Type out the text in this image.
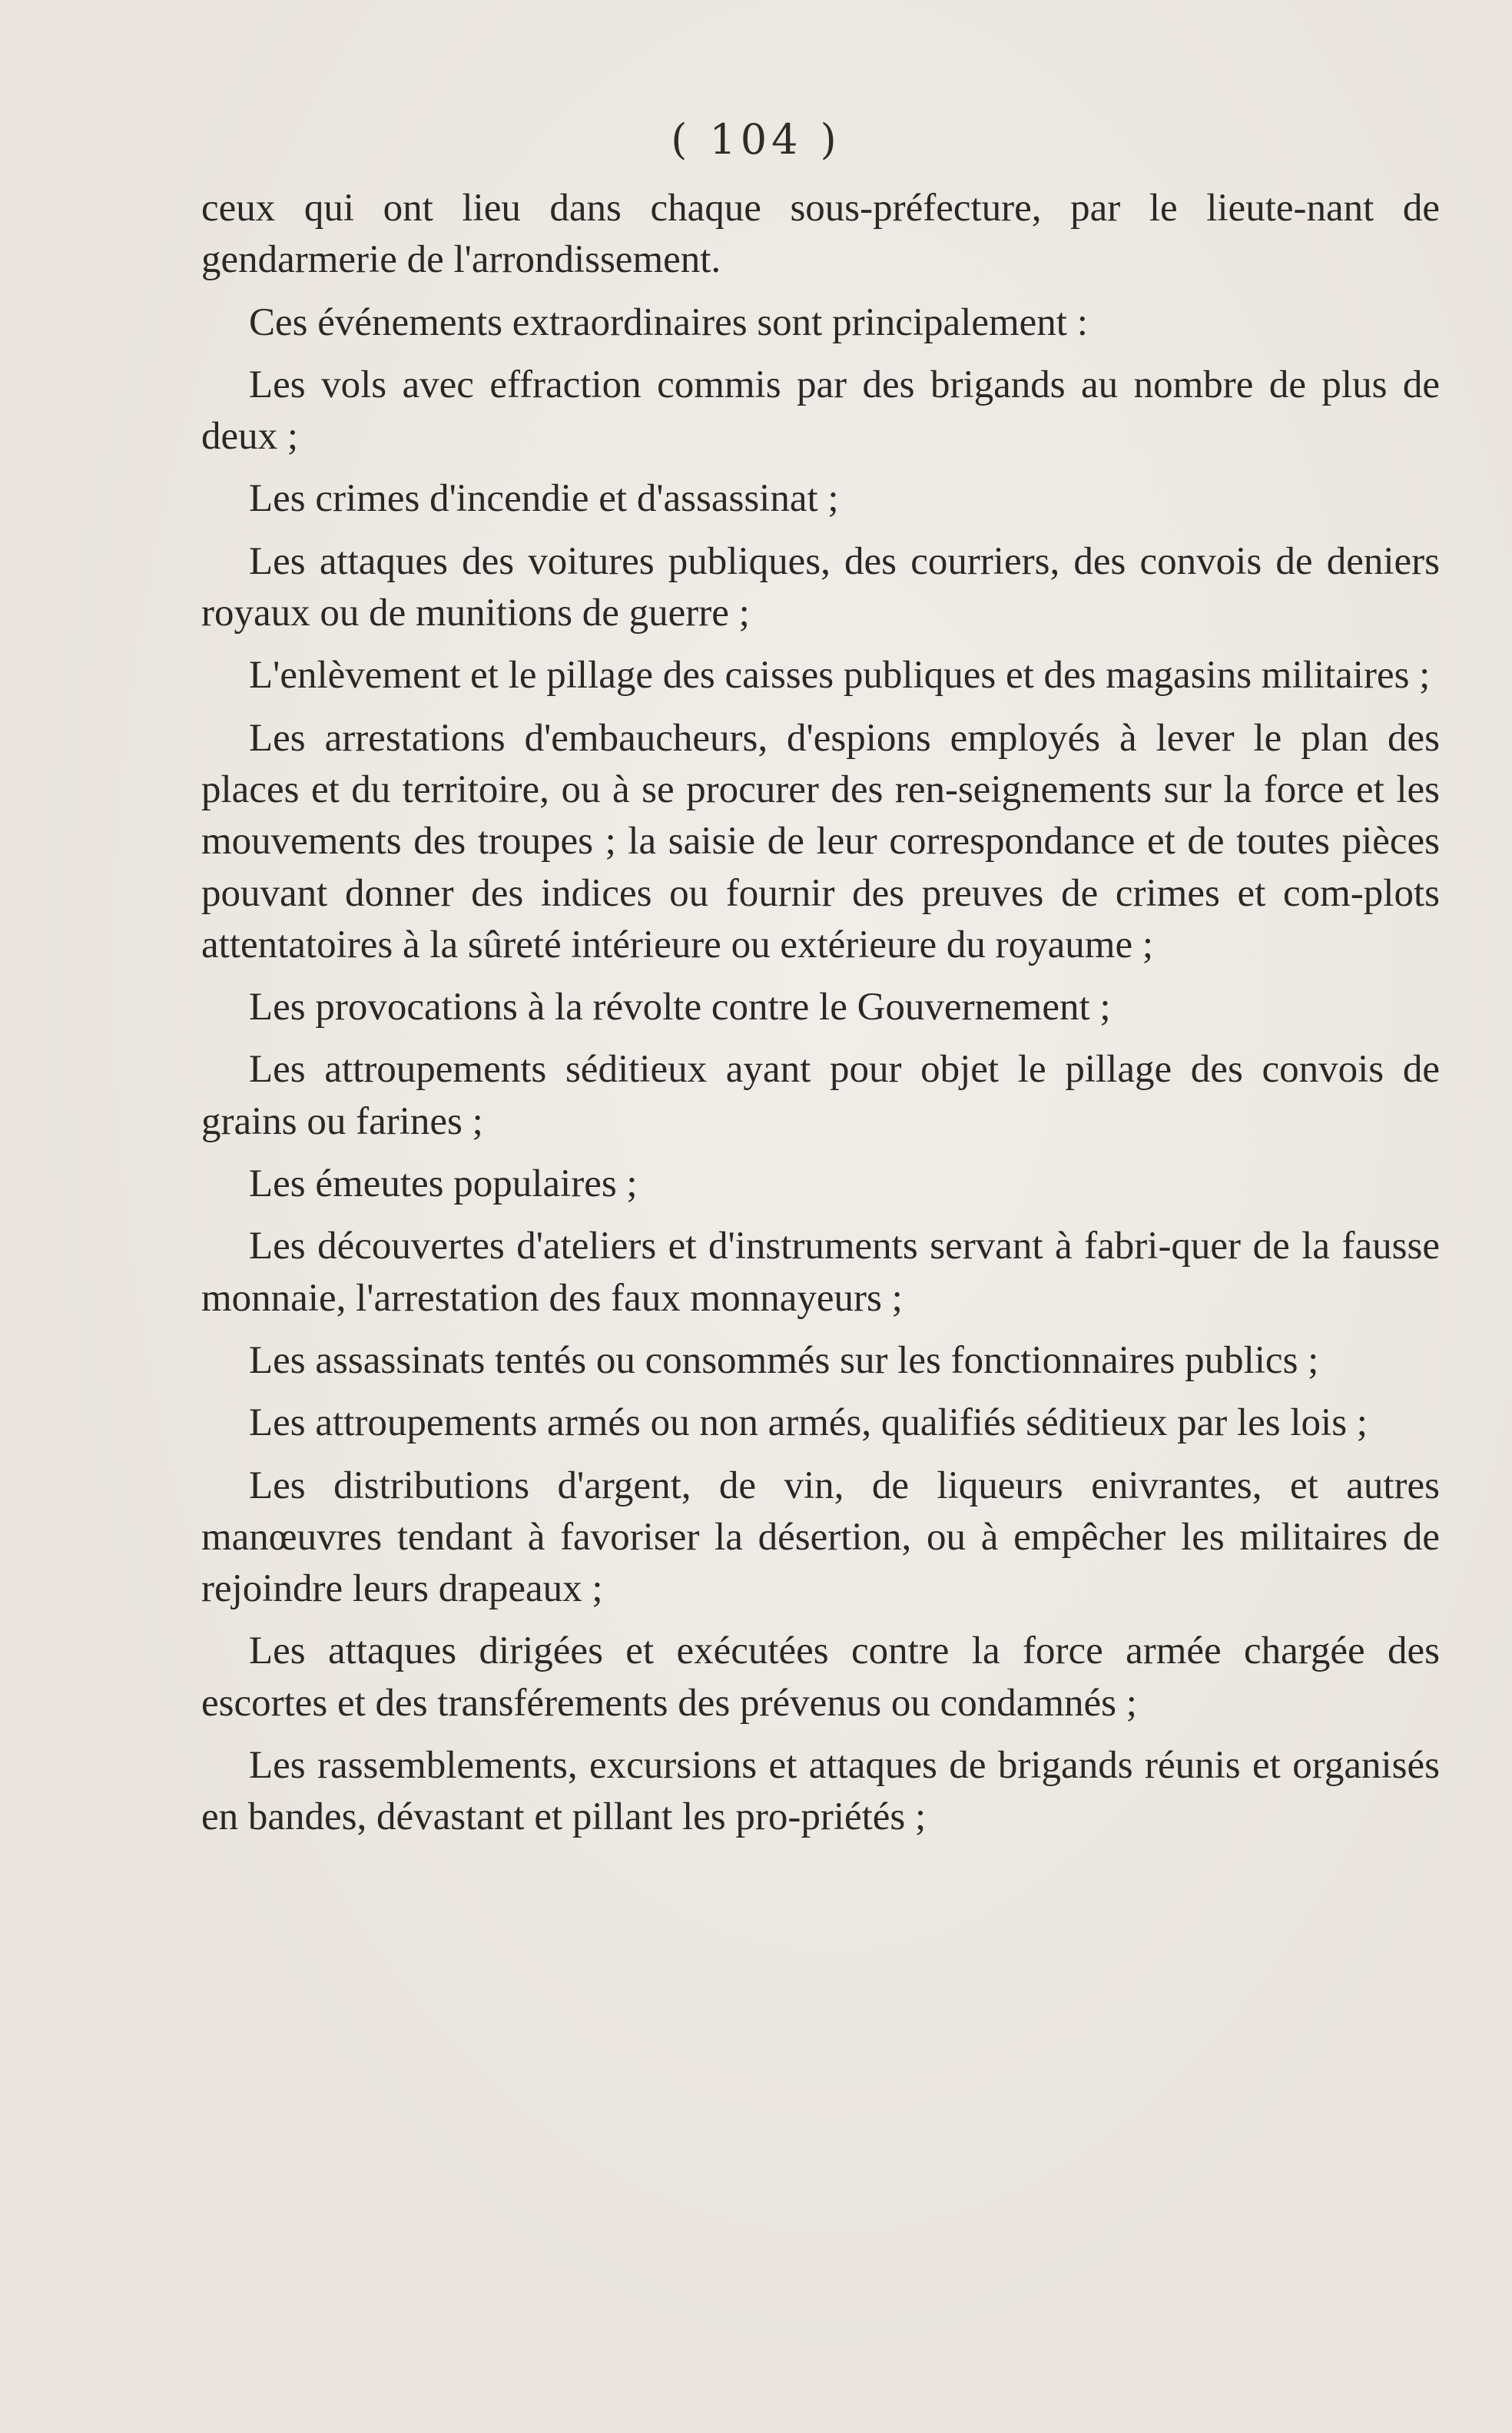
( 104 )

ceux qui ont lieu dans chaque sous-préfecture, par le lieute-nant de gendarmerie de l'arrondissement.

Ces événements extraordinaires sont principalement :

Les vols avec effraction commis par des brigands au nombre de plus de deux ;

Les crimes d'incendie et d'assassinat ;

Les attaques des voitures publiques, des courriers, des convois de deniers royaux ou de munitions de guerre ;

L'enlèvement et le pillage des caisses publiques et des magasins militaires ;

Les arrestations d'embaucheurs, d'espions employés à lever le plan des places et du territoire, ou à se procurer des ren-seignements sur la force et les mouvements des troupes ; la saisie de leur correspondance et de toutes pièces pouvant donner des indices ou fournir des preuves de crimes et com-plots attentatoires à la sûreté intérieure ou extérieure du royaume ;

Les provocations à la révolte contre le Gouvernement ;

Les attroupements séditieux ayant pour objet le pillage des convois de grains ou farines ;

Les émeutes populaires ;

Les découvertes d'ateliers et d'instruments servant à fabri-quer de la fausse monnaie, l'arrestation des faux monnayeurs ;

Les assassinats tentés ou consommés sur les fonctionnaires publics ;

Les attroupements armés ou non armés, qualifiés séditieux par les lois ;

Les distributions d'argent, de vin, de liqueurs enivrantes, et autres manœuvres tendant à favoriser la désertion, ou à empêcher les militaires de rejoindre leurs drapeaux ;

Les attaques dirigées et exécutées contre la force armée chargée des escortes et des transférements des prévenus ou condamnés ;

Les rassemblements, excursions et attaques de brigands réunis et organisés en bandes, dévastant et pillant les pro-priétés ;
